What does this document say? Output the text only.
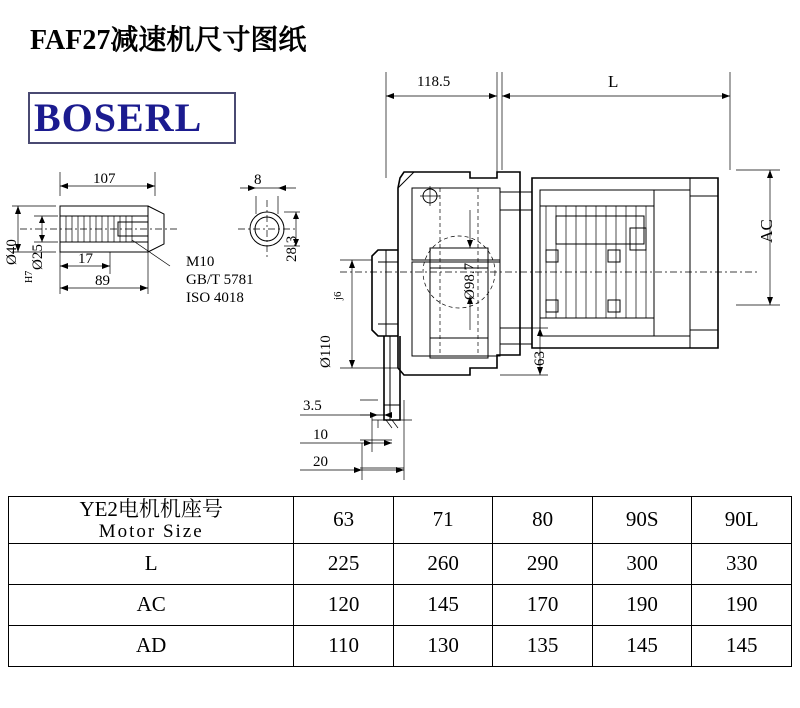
FAF27减速机尺寸图纸
BOSERL
118.5	L
AC
107	8
17
89
Ø40 Ø25
H7
M10
GB/T 5781
ISO 4018
28.3
Ø98.7
Ø110
j6
63
3.5
10
20
YE2电机机座号
Motor Size	63	71	80	90S	90L
L	225	260	290	300	330
AC	120	145	170	190	190
AD	110	130	135	145	145
